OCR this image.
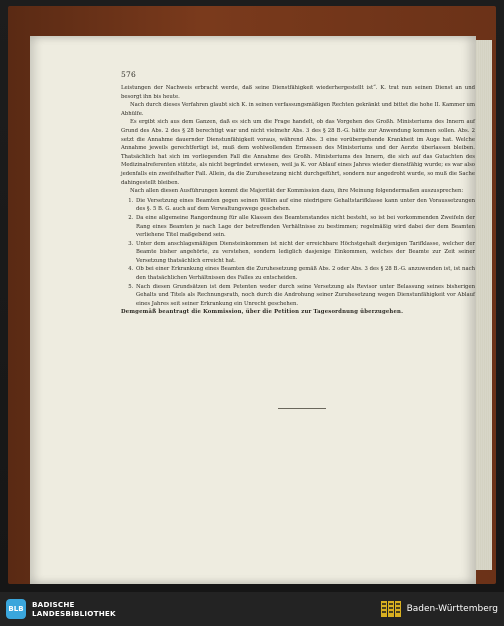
576

Leistungen der Nachweis erbracht werde, daß seine Dienstfähigkeit wiederhergestellt ist“. K. trat nun seinen Dienst an und besorgt ihn bis heute.

Nach durch dieses Verfahren glaubt sich K. in seinen verfassungsmäßigen Rechten gekränkt und bittet die hohe II. Kammer um Abhülfe.

Es ergibt sich aus dem Ganzen, daß es sich um die Frage handelt, ob das Vorgehen des Großh. Ministeriums des Innern auf Grund des Abs. 2 des § 28 berechtigt war und nicht vielmehr Abs. 3 des § 28 B.-G. hätte zur Anwendung kommen sollen. Abs. 2 setzt die Annahme dauernder Dienstunfähigkeit voraus, während Abs. 3 eine vorübergehende Krankheit im Auge hat. Welche Annahme jeweils gerechtfertigt ist, muß dem wohlwollenden Ermessen des Ministeriums und der Aerzte überlassen bleiben. Thatsächlich hat sich im vorliegenden Fall die Annahme des Großh. Ministeriums des Innern, die sich auf das Gutachten des Medizinalreferenten stützte, als nicht begründet erwiesen, weil ja K. vor Ablauf eines Jahres wieder dienstfähig wurde; es war also jedenfalls ein zweifelhafter Fall. Allein, da die Zuruhesetzung nicht durchgeführt, sondern nur angedroht wurde, so muß die Sache dahingestellt bleiben.

Nach allen diesen Ausführungen kommt die Majorität der Kommission dazu, ihre Meinung folgendermaßen auszusprechen:

1. Die Versetzung eines Beamten gegen seinen Willen auf eine niedrigere Gehaltstarifklasse kann unter den Voraussetzungen des §. 5 B. G. auch auf dem Verwaltungswege geschehen.
2. Da eine allgemeine Rangordnung für alle Klassen des Beamtenstandes nicht besteht, so ist bei vorkommenden Zweifeln der Rang eines Beamten je nach Lage der betreffenden Verhältnisse zu bestimmen; regelmäßig wird dabei der dem Beamten verliehene Titel maßgebend sein.
3. Unter dem anschlagsmäßigen Diensteinkommen ist nicht der erreichbare Höchstgehalt derjenigen Tarifklasse, welcher der Beamte bisher angehörte, zu verstehen, sondern lediglich dasjenige Einkommen, welches der Beamte zur Zeit seiner Versetzung thatsächlich erreicht hat.
4. Ob bei einer Erkrankung eines Beamten die Zuruhesetzung gemäß Abs. 2 oder Abs. 3 des § 28 B.-G. anzuwenden ist, ist nach den thatsächlichen Verhältnissen des Falles zu entscheiden.
5. Nach diesen Grundsätzen ist dem Petenten weder durch seine Versetzung als Revisor unter Belassung seines bisherigen Gehalts und Titels als Rechnungsrath, noch durch die Androhung seiner Zuruhesetzung wegen Dienstunfähigkeit vor Ablauf eines Jahres seit seiner Erkrankung ein Unrecht geschehen.

Demgemäß beantragt die Kommission, über die Petition zur Tagesordnung überzugehen.

BLB	BADISCHE
LANDESBIBLIOTHEK	Baden-Württemberg
